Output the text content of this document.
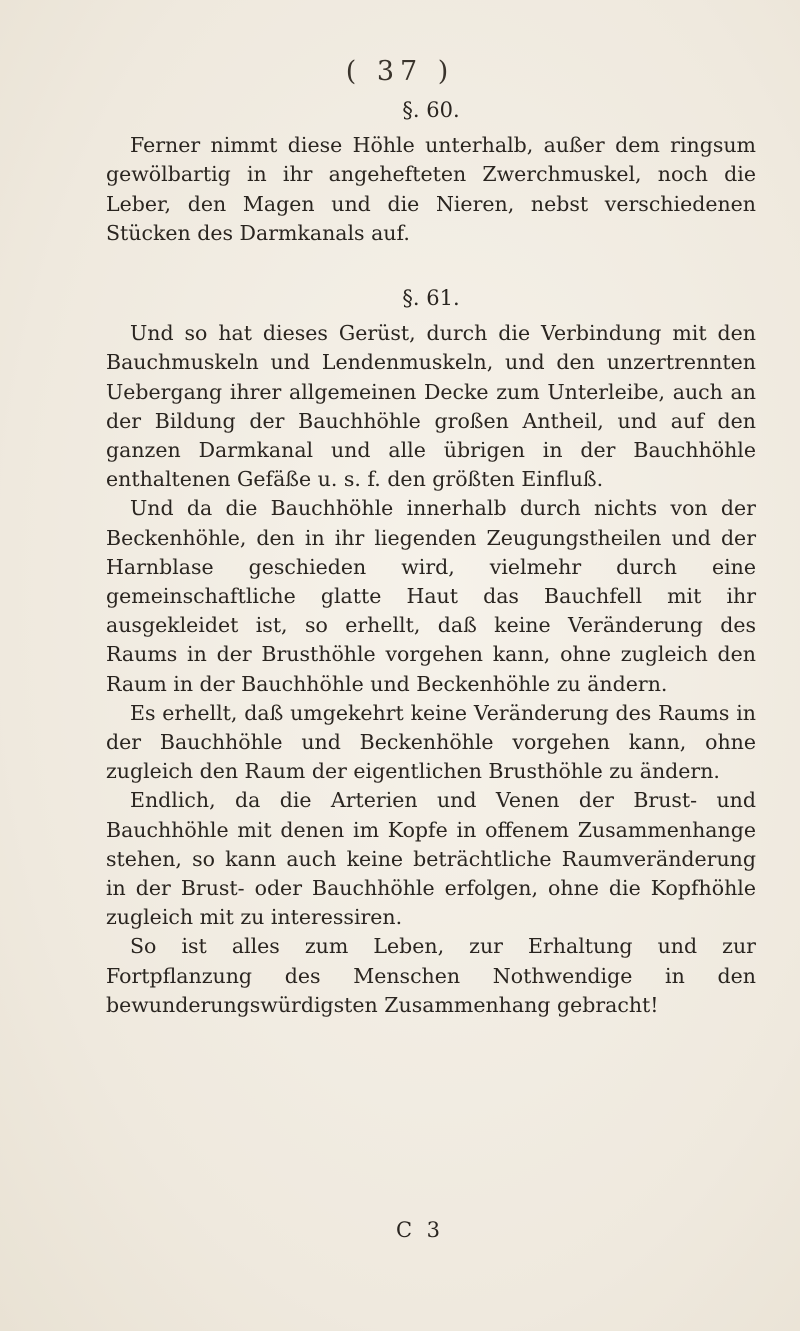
( 37 )
§. 60.

Ferner nimmt diese Höhle unterhalb, außer dem ringsum gewölbartig in ihr angehefteten Zwerchmuskel, noch die Leber, den Magen und die Nieren, nebst verschiedenen Stücken des Darmkanals auf.

§. 61.

Und so hat dieses Gerüst, durch die Verbindung mit den Bauchmuskeln und Lendenmuskeln, und den unzertrennten Uebergang ihrer allgemeinen Decke zum Unterleibe, auch an der Bildung der Bauchhöhle großen Antheil, und auf den ganzen Darmkanal und alle übrigen in der Bauchhöhle enthaltenen Gefäße u. s. f. den größten Einfluß.

Und da die Bauchhöhle innerhalb durch nichts von der Beckenhöhle, den in ihr liegenden Zeugungstheilen und der Harnblase geschieden wird, vielmehr durch eine gemeinschaftliche glatte Haut das Bauchfell mit ihr ausgekleidet ist, so erhellt, daß keine Veränderung des Raums in der Brusthöhle vorgehen kann, ohne zugleich den Raum in der Bauchhöhle und Beckenhöhle zu ändern.

Es erhellt, daß umgekehrt keine Veränderung des Raums in der Bauchhöhle und Beckenhöhle vorgehen kann, ohne zugleich den Raum der eigentlichen Brusthöhle zu ändern.

Endlich, da die Arterien und Venen der Brust- und Bauchhöhle mit denen im Kopfe in offenem Zusammenhange stehen, so kann auch keine beträchtliche Raumveränderung in der Brust- oder Bauchhöhle erfolgen, ohne die Kopfhöhle zugleich mit zu interessiren.

So ist alles zum Leben, zur Erhaltung und zur Fortpflanzung des Menschen Nothwendige in den bewunderungswürdigsten Zusammenhang gebracht!

C 3
